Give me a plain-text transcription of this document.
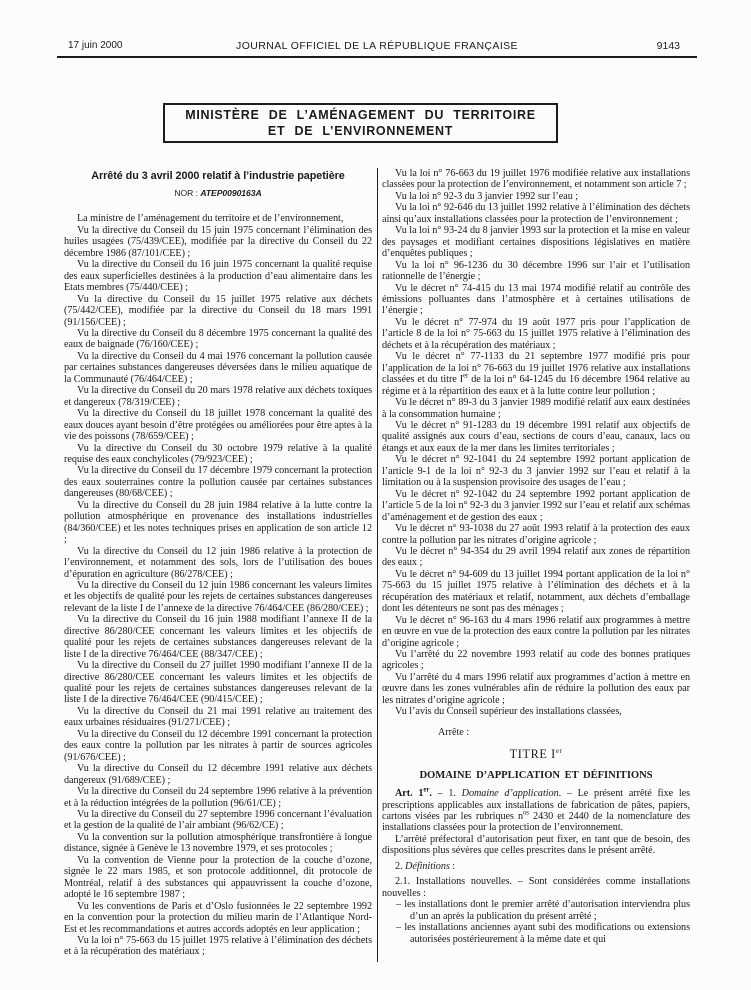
17 juin 2000	JOURNAL OFFICIEL DE LA RÉPUBLIQUE FRANÇAISE	9143
MINISTÈRE DE L’AMÉNAGEMENT DU TERRITOIRE
ET DE L’ENVIRONNEMENT
Arrêté du 3 avril 2000 relatif à l’industrie papetière
NOR : ATEP0090163A
La ministre de l’aménagement du territoire et de l’environnement,
Vu la directive du Conseil du 15 juin 1975 concernant l’élimination des huiles usagées (75/439/CEE), modifiée par la directive du Conseil du 22 décembre 1986 (87/101/CEE) ;
Vu la directive du Conseil du 16 juin 1975 concernant la qualité requise des eaux superficielles destinées à la production d’eau alimentaire dans les Etats membres (75/440/CEE) ;
Vu la directive du Conseil du 15 juillet 1975 relative aux déchets (75/442/CEE), modifiée par la directive du Conseil du 18 mars 1991 (91/156/CEE) ;
Vu la directive du Conseil du 8 décembre 1975 concernant la qualité des eaux de baignade (76/160/CEE) ;
Vu la directive du Conseil du 4 mai 1976 concernant la pollution causée par certaines substances dangereuses déversées dans le milieu aquatique de la Communauté (76/464/CEE) ;
Vu la directive du Conseil du 20 mars 1978 relative aux déchets toxiques et dangereux (78/319/CEE) ;
Vu la directive du Conseil du 18 juillet 1978 concernant la qualité des eaux douces ayant besoin d’être protégées ou améliorées pour être aptes à la vie des poissons (78/659/CEE) ;
Vu la directive du Conseil du 30 octobre 1979 relative à la qualité requise des eaux conchylicoles (79/923/CEE) ;
Vu la directive du Conseil du 17 décembre 1979 concernant la protection des eaux souterraines contre la pollution causée par certaines substances dangereuses (80/68/CEE) ;
Vu la directive du Conseil du 28 juin 1984 relative à la lutte contre la pollution atmosphérique en provenance des installations industrielles (84/360/CEE) et les notes techniques prises en application de son article 12 ;
Vu la directive du Conseil du 12 juin 1986 relative à la protection de l’environnement, et notamment des sols, lors de l’utilisation des boues d’épuration en agriculture (86/278/CEE) ;
Vu la directive du Conseil du 12 juin 1986 concernant les valeurs limites et les objectifs de qualité pour les rejets de certaines substances dangereuses relevant de la liste I de l’annexe de la directive 76/464/CEE (86/280/CEE) ;
Vu la directive du Conseil du 16 juin 1988 modifiant l’annexe II de la directive 86/280/CEE concernant les valeurs limites et les objectifs de qualité pour les rejets de certaines substances dangereuses relevant de la liste I de la directive 76/464/CEE (88/347/CEE) ;
Vu la directive du Conseil du 27 juillet 1990 modifiant l’annexe II de la directive 86/280/CEE concernant les valeurs limites et les objectifs de qualité pour les rejets de certaines substances dangereuses relevant de la liste I de la directive 76/464/CEE (90/415/CEE) ;
Vu la directive du Conseil du 21 mai 1991 relative au traitement des eaux urbaines résiduaires (91/271/CEE) ;
Vu la directive du Conseil du 12 décembre 1991 concernant la protection des eaux contre la pollution par les nitrates à partir de sources agricoles (91/676/CEE) ;
Vu la directive du Conseil du 12 décembre 1991 relative aux déchets dangereux (91/689/CEE) ;
Vu la directive du Conseil du 24 septembre 1996 relative à la prévention et à la réduction intégrées de la pollution (96/61/CE) ;
Vu la directive du Conseil du 27 septembre 1996 concernant l’évaluation et la gestion de la qualité de l’air ambiant (96/62/CE) ;
Vu la convention sur la pollution atmosphérique transfrontière à longue distance, signée à Genève le 13 novembre 1979, et ses protocoles ;
Vu la convention de Vienne pour la protection de la couche d’ozone, signée le 22 mars 1985, et son protocole additionnel, dit protocole de Montréal, relatif à des substances qui appauvrissent la couche d’ozone, adopté le 16 septembre 1987 ;
Vu les conventions de Paris et d’Oslo fusionnées le 22 septembre 1992 en la convention pour la protection du milieu marin de l’Atlantique Nord-Est et les recommandations et autres accords adoptés en leur application ;
Vu la loi n° 75-663 du 15 juillet 1975 relative à l’élimination des déchets et à la récupération des matériaux ;
Vu la loi n° 76-663 du 19 juillet 1976 modifiée relative aux installations classées pour la protection de l’environnement, et notamment son article 7 ;
Vu la loi n° 92-3 du 3 janvier 1992 sur l’eau ;
Vu la loi n° 92-646 du 13 juillet 1992 relative à l’élimination des déchets ainsi qu’aux installations classées pour la protection de l’environnement ;
Vu la loi n° 93-24 du 8 janvier 1993 sur la protection et la mise en valeur des paysages et modifiant certaines dispositions législatives en matière d’enquêtes publiques ;
Vu la loi n° 96-1236 du 30 décembre 1996 sur l’air et l’utilisation rationnelle de l’énergie ;
Vu le décret n° 74-415 du 13 mai 1974 modifié relatif au contrôle des émissions polluantes dans l’atmosphère et à certaines utilisations de l’énergie ;
Vu le décret n° 77-974 du 19 août 1977 pris pour l’application de l’article 8 de la loi n° 75-663 du 15 juillet 1975 relative à l’élimination des déchets et à la récupération des matériaux ;
Vu le décret n° 77-1133 du 21 septembre 1977 modifié pris pour l’application de la loi n° 76-663 du 19 juillet 1976 relative aux installations classées et du titre Ier de la loi n° 64-1245 du 16 décembre 1964 relative au régime et à la répartition des eaux et à la lutte contre leur pollution ;
Vu le décret n° 89-3 du 3 janvier 1989 modifié relatif aux eaux destinées à la consommation humaine ;
Vu le décret n° 91-1283 du 19 décembre 1991 relatif aux objectifs de qualité assignés aux cours d’eau, sections de cours d’eau, canaux, lacs ou étangs et aux eaux de la mer dans les limites territoriales ;
Vu le décret n° 92-1041 du 24 septembre 1992 portant application de l’article 9-1 de la loi n° 92-3 du 3 janvier 1992 sur l’eau et relatif à la limitation ou à la suspension provisoire des usages de l’eau ;
Vu le décret n° 92-1042 du 24 septembre 1992 portant application de l’article 5 de la loi n° 92-3 du 3 janvier 1992 sur l’eau et relatif aux schémas d’aménagement et de gestion des eaux ;
Vu le décret n° 93-1038 du 27 août 1993 relatif à la protection des eaux contre la pollution par les nitrates d’origine agricole ;
Vu le décret n° 94-354 du 29 avril 1994 relatif aux zones de répartition des eaux ;
Vu le décret n° 94-609 du 13 juillet 1994 portant application de la loi n° 75-663 du 15 juillet 1975 relative à l’élimination des déchets et à la récupération des matériaux et relatif, notamment, aux déchets d’emballage dont les détenteurs ne sont pas des ménages ;
Vu le décret n° 96-163 du 4 mars 1996 relatif aux programmes à mettre en œuvre en vue de la protection des eaux contre la pollution par les nitrates d’origine agricole ;
Vu l’arrêté du 22 novembre 1993 relatif au code des bonnes pratiques agricoles ;
Vu l’arrêté du 4 mars 1996 relatif aux programmes d’action à mettre en œuvre dans les zones vulnérables afin de réduire la pollution des eaux par les nitrates d’origine agricole ;
Vu l’avis du Conseil supérieur des installations classées,
Arrête :
TITRE Ier
DOMAINE D’APPLICATION ET DÉFINITIONS
Art. 1er. – 1. Domaine d’application. – Le présent arrêté fixe les prescriptions applicables aux installations de fabrication de pâtes, papiers, cartons visées par les rubriques $n^{os}$ 2430 et 2440 de la nomenclature des installations classées pour la protection de l’environnement.
L’arrêté préfectoral d’autorisation peut fixer, en tant que de besoin, des dispositions plus sévères que celles prescrites dans le présent arrêté.
2. Définitions :
2.1. Installations nouvelles. – Sont considérées comme installations nouvelles :
– les installations dont le premier arrêté d’autorisation interviendra plus d’un an après la publication du présent arrêté ;
– les installations anciennes ayant subi des modifications ou extensions autorisées postérieurement à la même date et qui
